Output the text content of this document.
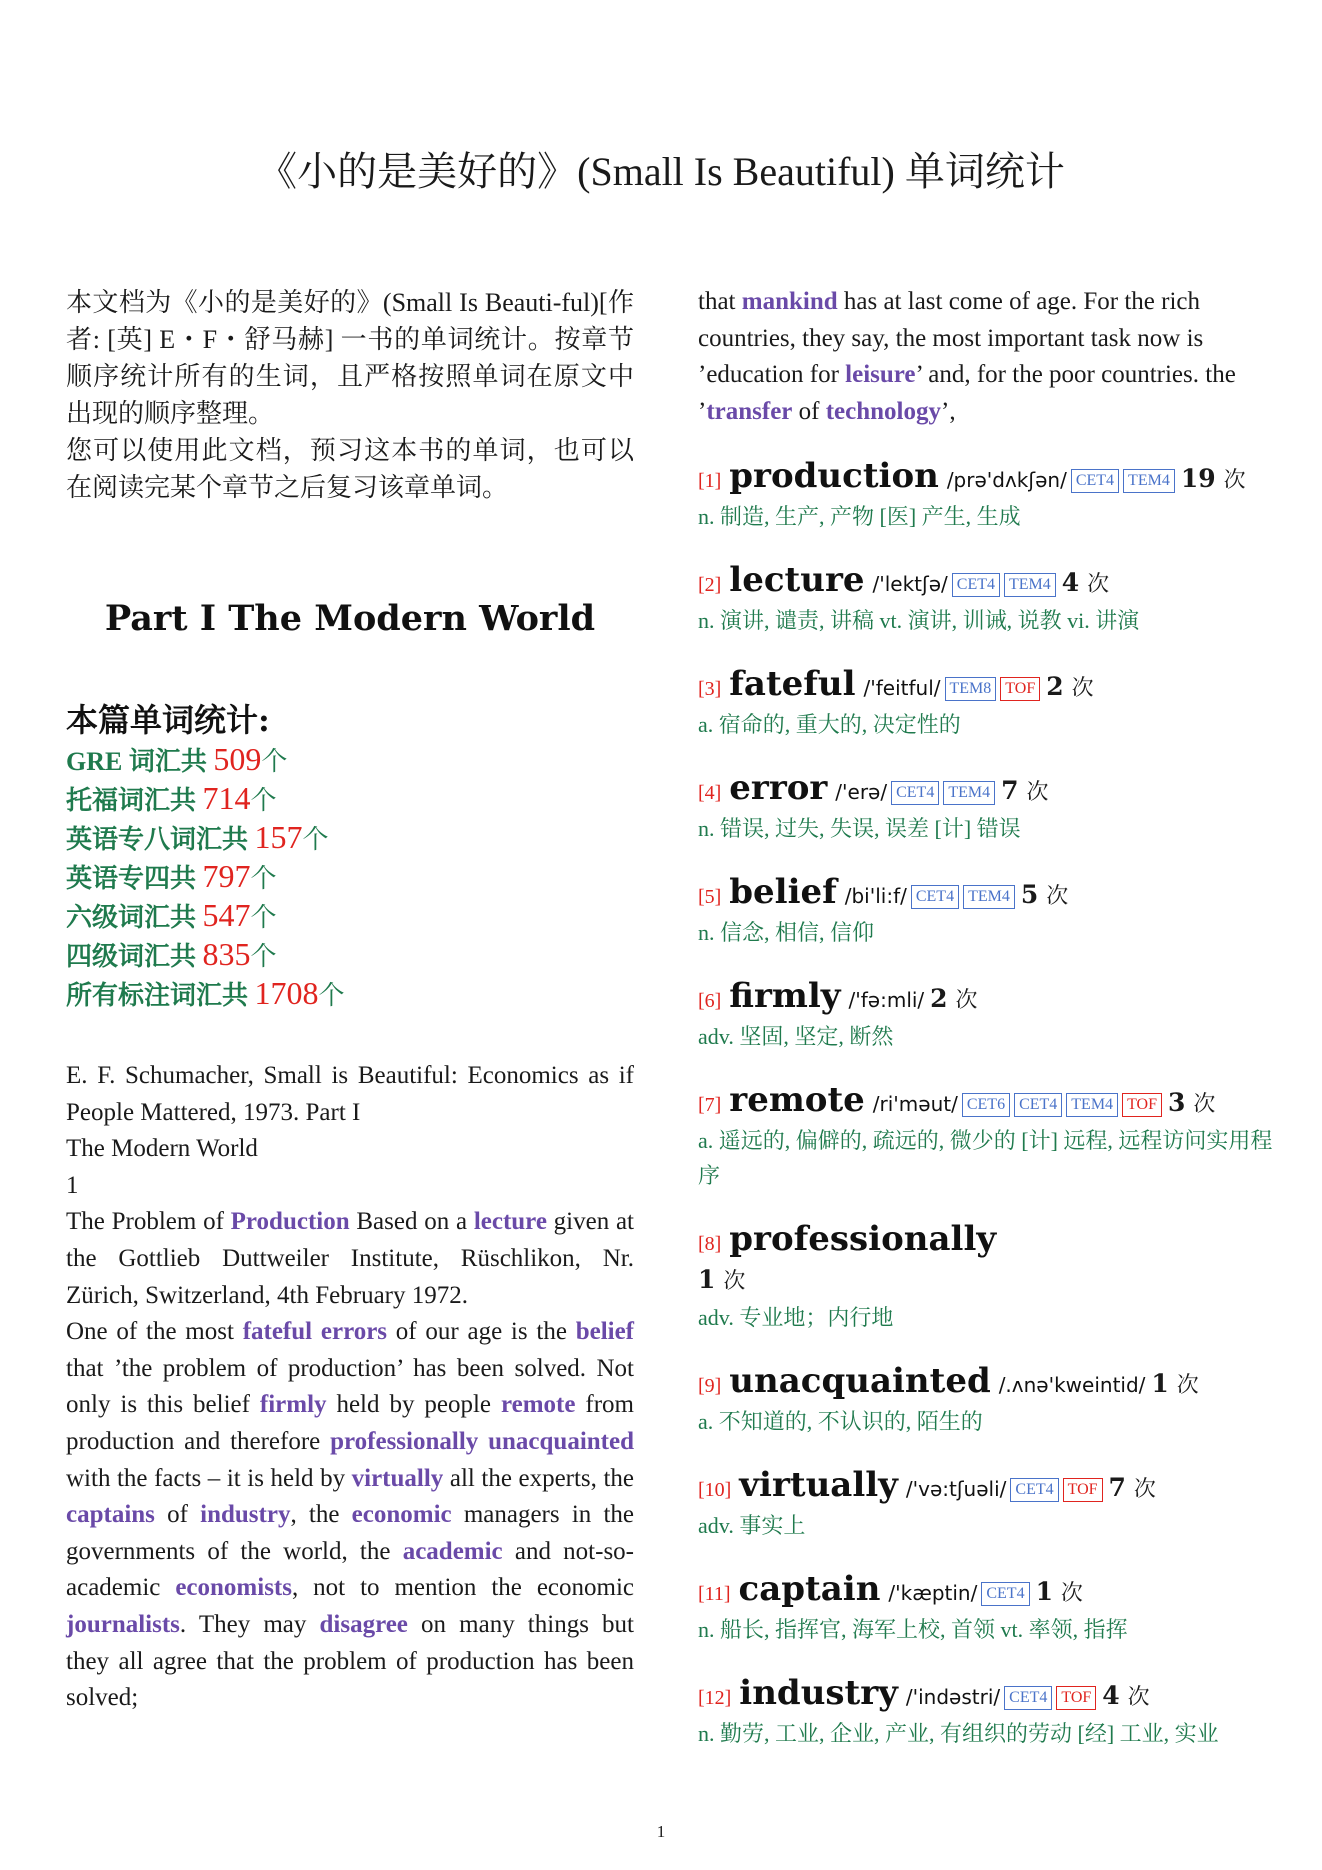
《小的是美好的》(Small Is Beautiful) 单词统计

本文档为《小的是美好的》(Small Is Beauti-ful)[作者: [英] E・F・舒马赫] 一书的单词统计。按章节顺序统计所有的生词，且严格按照单词在原文中出现的顺序整理。

您可以使用此文档，预习这本书的单词，也可以在阅读完某个章节之后复习该章单词。

Part I The Modern World
本篇单词统计:
GRE 词汇共 509个
托福词汇共 714个
英语专八词汇共 157个
英语专四共 797个
六级词汇共 547个
四级词汇共 835个
所有标注词汇共 1708个
E. F. Schumacher, Small is Beautiful: Economics as if People Mattered, 1973. Part I
The Modern World
1
The Problem of Production Based on a lecture given at the Gottlieb Duttweiler Institute, Rüschlikon, Nr. Zürich, Switzerland, 4th February 1972.
One of the most fateful errors of our age is the belief that ’the problem of production’ has been solved. Not only is this belief firmly held by people remote from production and therefore professionally unacquainted with the facts – it is held by virtually all the experts, the captains of industry, the economic managers in the governments of the world, the academic and not-so-academic economists, not to mention the economic journalists. They may disagree on many things but they all agree that the problem of production has been solved;
that mankind has at last come of age. For the rich countries, they say, the most important task now is ’education for leisure’ and, for the poor countries. the ’transfer of technology’,
[1] production /prə'dʌkʃən/ CET4 TEM4 19 次
n. 制造, 生产, 产物 [医] 产生, 生成
[2] lecture /'lektʃə/ CET4 TEM4 4 次
n. 演讲, 谴责, 讲稿 vt. 演讲, 训诫, 说教 vi. 讲演
[3] fateful /'feitful/ TEM8 TOF 2 次
a. 宿命的, 重大的, 决定性的
[4] error /'erə/ CET4 TEM4 7 次
n. 错误, 过失, 失误, 误差 [计] 错误
[5] belief /bi'li:f/ CET4 TEM4 5 次
n. 信念, 相信, 信仰
[6] firmly /'fə:mli/ 2 次
adv. 坚固, 坚定, 断然
[7] remote /ri'məut/ CET6 CET4 TEM4 TOF 3 次
a. 遥远的, 偏僻的, 疏远的, 微少的 [计] 远程, 远程访问实用程序
[8] professionally
1 次
adv. 专业地；内行地
[9] unacquainted /.ʌnə'kweintid/ 1 次
a. 不知道的, 不认识的, 陌生的
[10] virtually /'və:tʃuəli/ CET4 TOF 7 次
adv. 事实上
[11] captain /'kæptin/ CET4 1 次
n. 船长, 指挥官, 海军上校, 首领 vt. 率领, 指挥
[12] industry /'indəstri/ CET4 TOF 4 次
n. 勤劳, 工业, 企业, 产业, 有组织的劳动 [经] 工业, 实业
1
